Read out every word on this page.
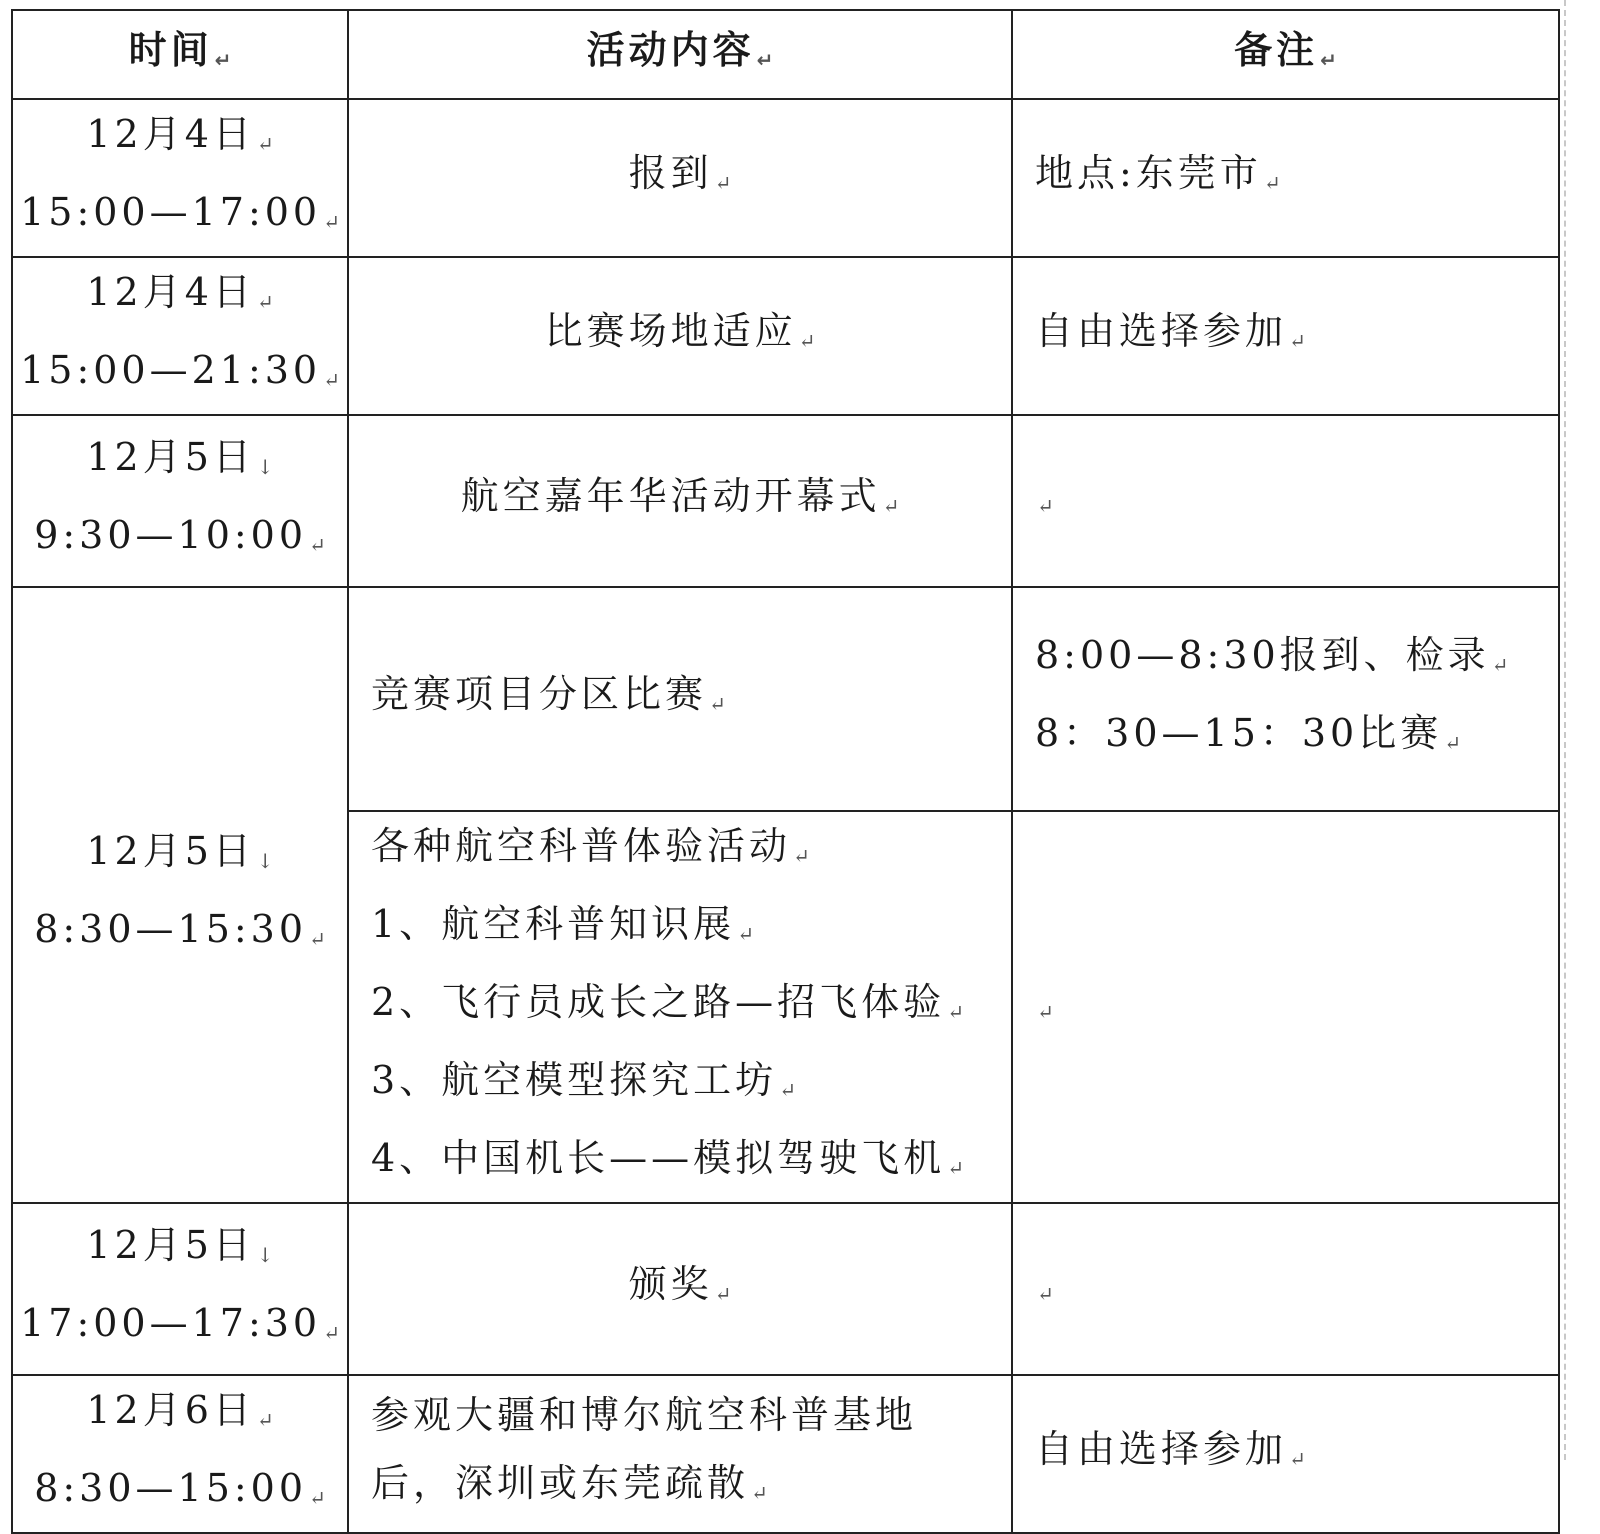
时间 ↵	活动内容 ↵	备注 ↵

12月4日 ↵
15:00—17:00 ↵	报到 ↵	地点:东莞市 ↵

12月4日 ↵
15:00—21:30 ↵	比赛场地适应 ↵	自由选择参加 ↵

12月5日 ↓
9:30—10:00 ↵	航空嘉年华活动开幕式 ↵	↵

12月5日 ↓
8:30—15:30 ↵	竞赛项目分区比赛 ↵	8:00—8:30报到、检录 ↵
8：30—15：30比赛 ↵

	各种航空科普体验活动 ↵
1、航空科普知识展 ↵
2、飞行员成长之路—招飞体验 ↵
3、航空模型探究工坊 ↵
4、中国机长——模拟驾驶飞机 ↵	↵

12月5日 ↓
17:00—17:30 ↵	颁奖 ↵	↵

12月6日 ↵
8:30—15:00 ↵	参观大疆和博尔航空科普基地
后，深圳或东莞疏散 ↵	自由选择参加 ↵
